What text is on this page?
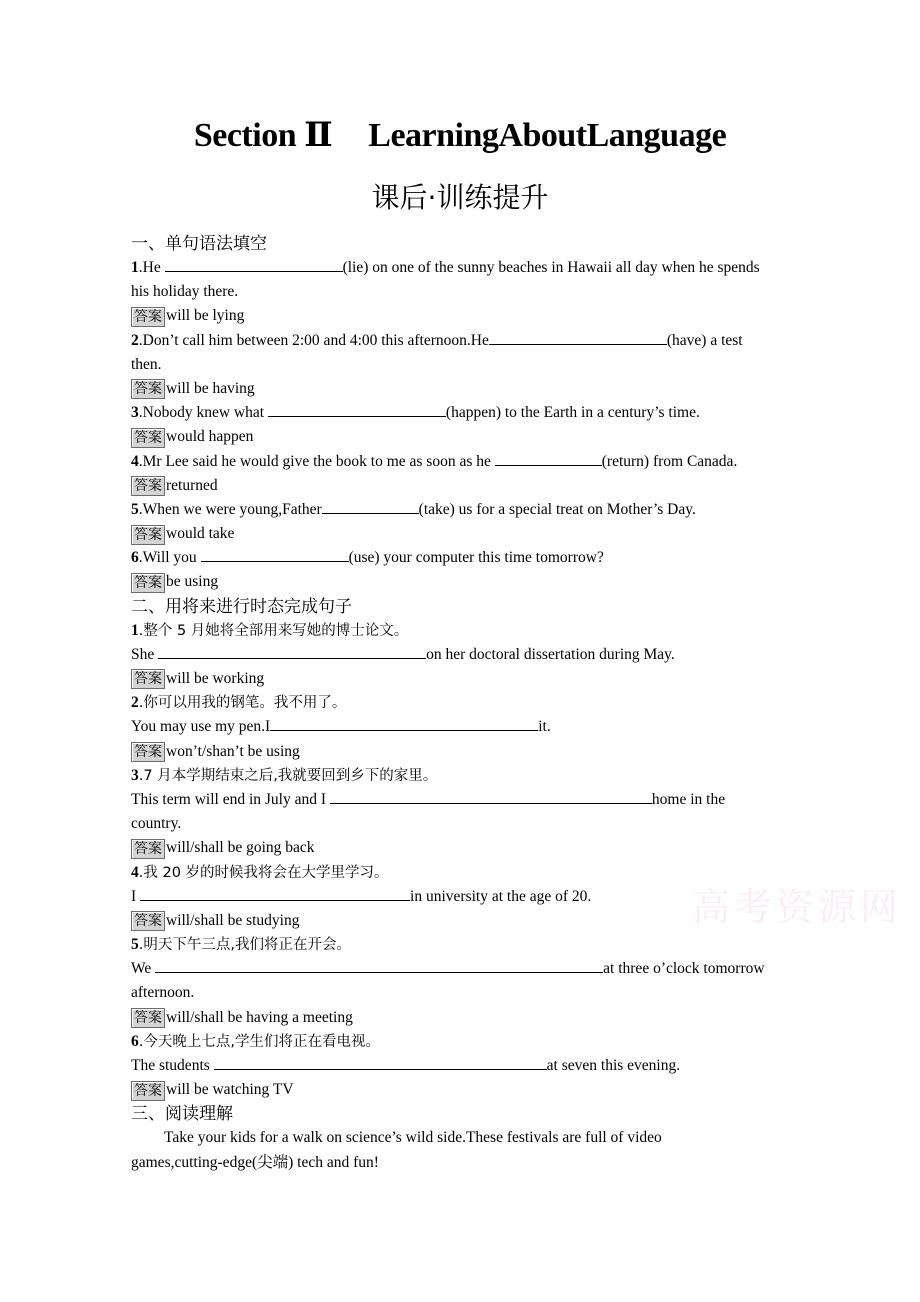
Section Ⅱ LearningAboutLanguage
课后·训练提升
一、单句语法填空
1.He	(lie) on one of the sunny beaches in Hawaii all day when he spends
his holiday there.
答案 will be lying
2.Don’t call him between 2:00 and 4:00 this afternoon.He	(have) a test
then.
答案 will be having
3.Nobody knew what	(happen) to the Earth in a century’s time.
答案 would happen
4.Mr Lee said he would give the book to me as soon as he	(return) from Canada.
答案 returned
5.When we were young,Father	(take) us for a special treat on Mother’s Day.
答案 would take
6.Will you	(use) your computer this time tomorrow?
答案 be using
二、用将来进行时态完成句子
1.整个 5 月她将全部用来写她的博士论文。
She	on her doctoral dissertation during May.
答案 will be working
2.你可以用我的钢笔。我不用了。
You may use my pen.I	it.
答案 won’t/shan’t be using
3.7 月本学期结束之后,我就要回到乡下的家里。
This term will end in July and I	home in the
country.
答案 will/shall be going back
4.我 20 岁的时候我将会在大学里学习。
I	in university at the age of 20.
答案 will/shall be studying
5.明天下午三点,我们将正在开会。
We	at three o’clock tomorrow
afternoon.
答案 will/shall be having a meeting
6.今天晚上七点,学生们将正在看电视。
The students	at seven this evening.
答案 will be watching TV
三、阅读理解
Take your kids for a walk on science’s wild side.These festivals are full of video
games,cutting-edge(尖端) tech and fun!
高考资源网
